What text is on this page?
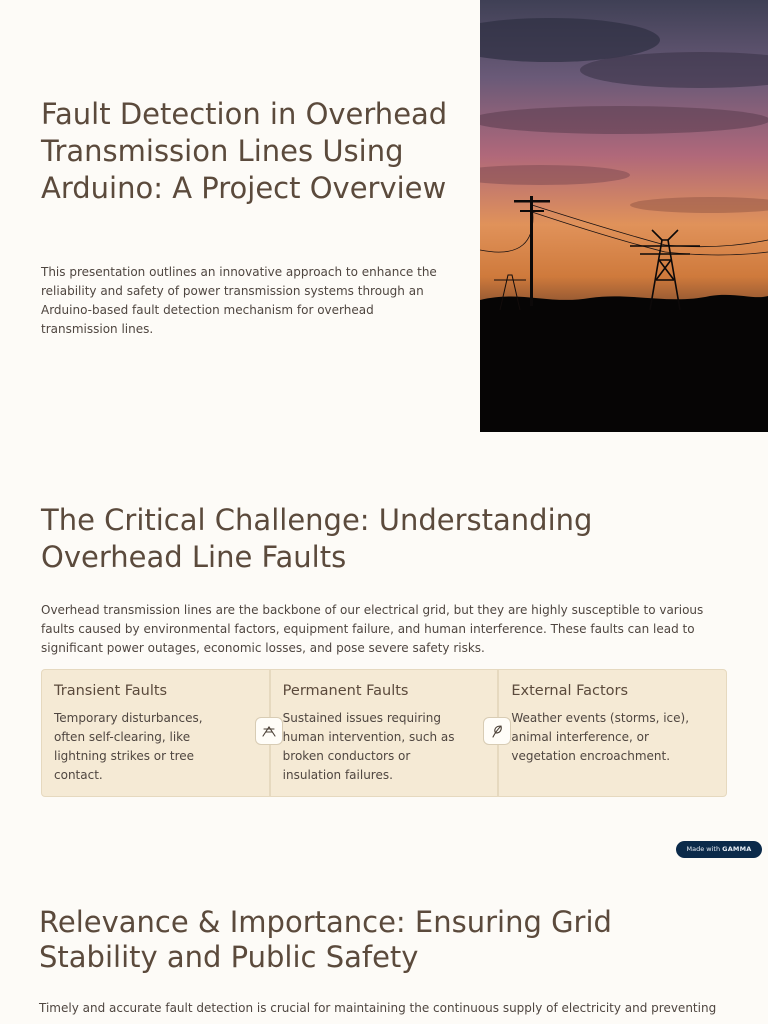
Fault Detection in Overhead Transmission Lines Using Arduino: A Project Overview

This presentation outlines an innovative approach to enhance the reliability and safety of power transmission systems through an Arduino-based fault detection mechanism for overhead transmission lines.

The Critical Challenge: Understanding Overhead Line Faults

Overhead transmission lines are the backbone of our electrical grid, but they are highly susceptible to various faults caused by environmental factors, equipment failure, and human interference. These faults can lead to significant power outages, economic losses, and pose severe safety risks.

Transient Faults

Temporary disturbances, often self-clearing, like lightning strikes or tree contact.

Permanent Faults

Sustained issues requiring human intervention, such as broken conductors or insulation failures.

External Factors

Weather events (storms, ice), animal interference, or vegetation encroachment.

Made with GAMMA
Relevance & Importance: Ensuring Grid Stability and Public Safety

Timely and accurate fault detection is crucial for maintaining the continuous supply of electricity and preventing
